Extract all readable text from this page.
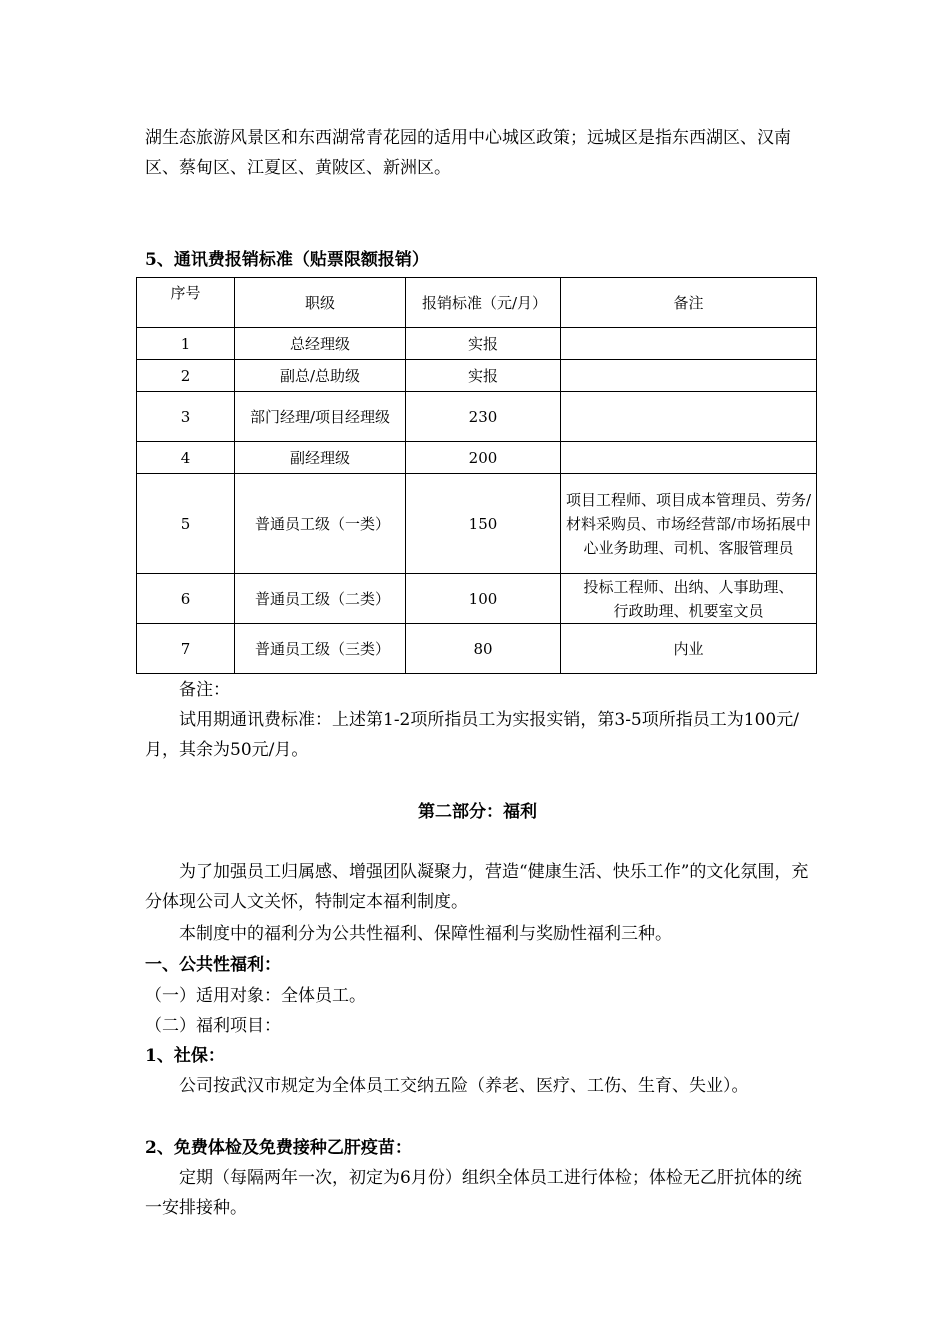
湖生态旅游风景区和东西湖常青花园的适用中心城区政策；远城区是指东西湖区、汉南区、蔡甸区、江夏区、黄陂区、新洲区。

5、通讯费报销标准（贴票限额报销）

序号	职级	报销标准（元/月）	备注
1	总经理级	实报	
2	副总/总助级	实报	
3	部门经理/项目经理级	230	
4	副经理级	200	
5	普通员工级（一类）	150	项目工程师、项目成本管理员、劳务/材料采购员、市场经营部/市场拓展中心业务助理、司机、客服管理员
6	普通员工级（二类）	100	投标工程师、出纳、人事助理、行政助理、机要室文员
7	普通员工级（三类）	80	内业

备注：

试用期通讯费标准：上述第1-2项所指员工为实报实销，第3-5项所指员工为100元/月，其余为50元/月。

第二部分：福利

为了加强员工归属感、增强团队凝聚力，营造“健康生活、快乐工作”的文化氛围，充分体现公司人文关怀，特制定本福利制度。

本制度中的福利分为公共性福利、保障性福利与奖励性福利三种。

一、公共性福利：

（一）适用对象：全体员工。

（二）福利项目：

1、社保：

公司按武汉市规定为全体员工交纳五险（养老、医疗、工伤、生育、失业）。

2、免费体检及免费接种乙肝疫苗：

定期（每隔两年一次，初定为6月份）组织全体员工进行体检；体检无乙肝抗体的统一安排接种。
